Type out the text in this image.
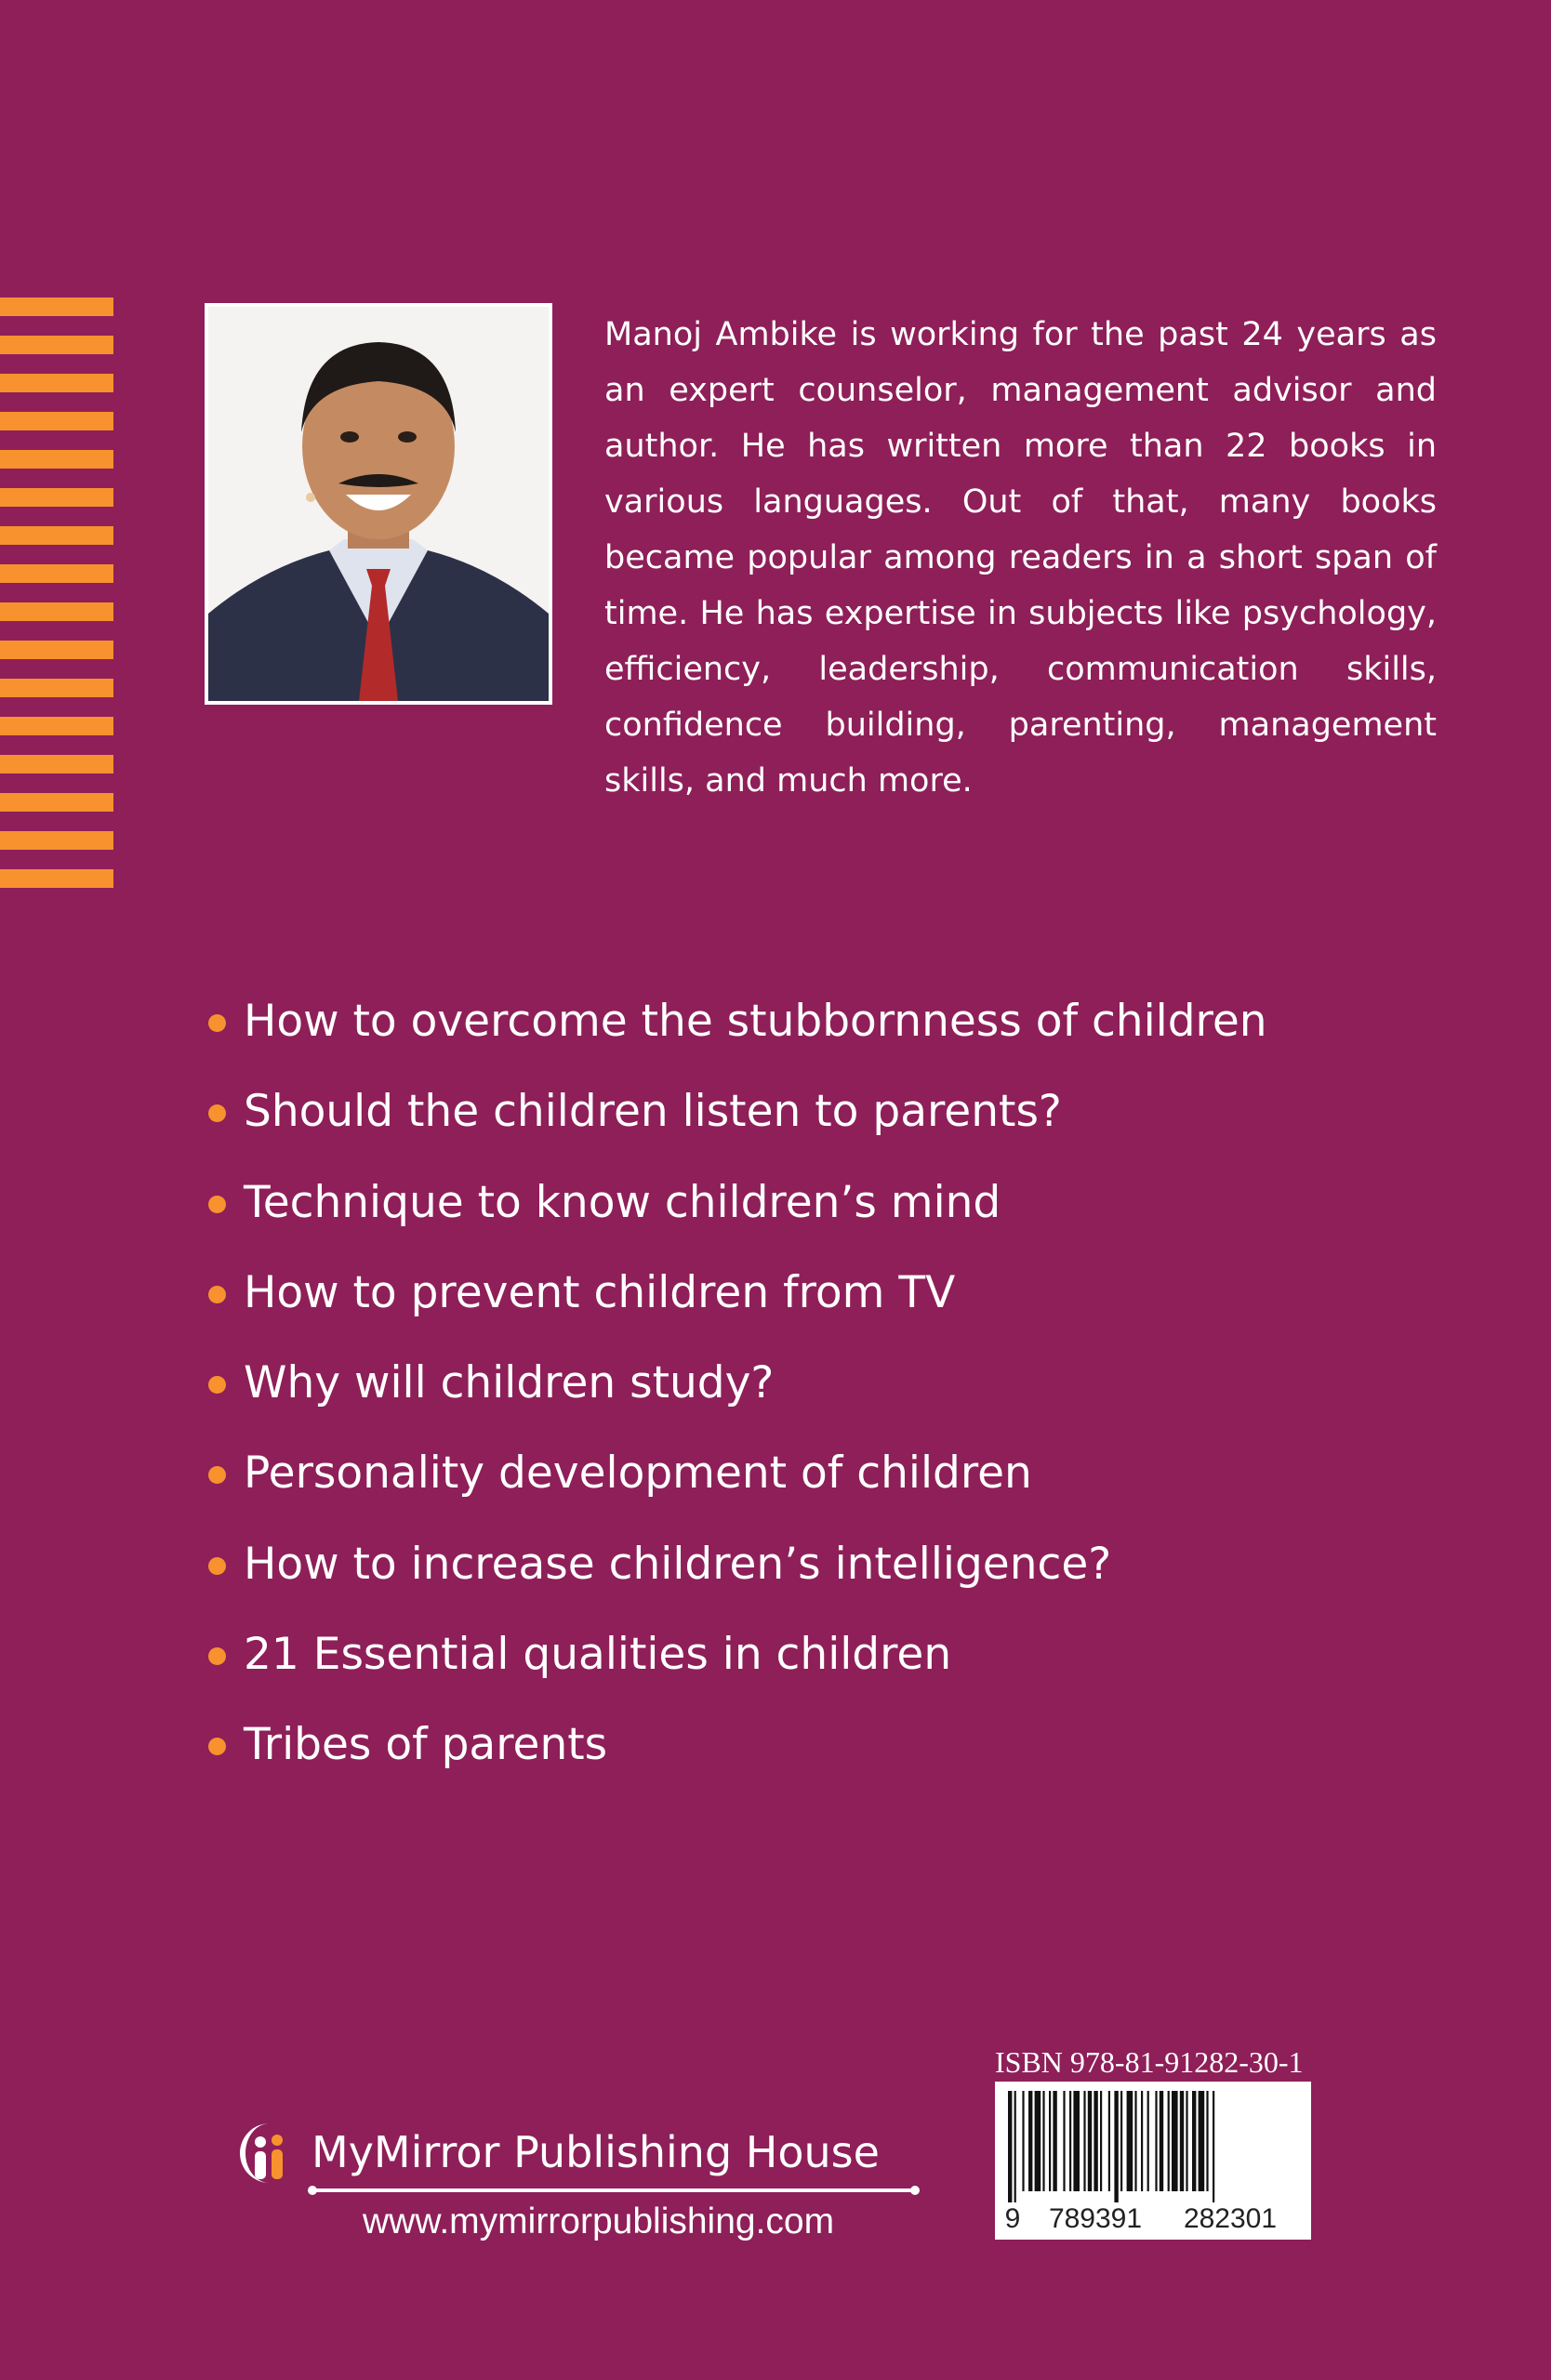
Manoj Ambike is working for the past 24 years as an expert counselor, management advisor and author. He has written more than 22 books in various languages. Out of that, many books became popular among readers in a short span of time. He has expertise in subjects like psychology, efficiency, leadership, communication skills, confidence building, parenting, management skills, and much more.

How to overcome the stubbornness of children
Should the children listen to parents?
Technique to know children’s mind
How to prevent children from TV
Why will children study?
Personality development of children
How to increase children’s intelligence?
21 Essential qualities in children
Tribes of parents
MyMirror Publishing House
www.mymirrorpublishing.com
ISBN 978-81-91282-30-1
9	789391	282301
